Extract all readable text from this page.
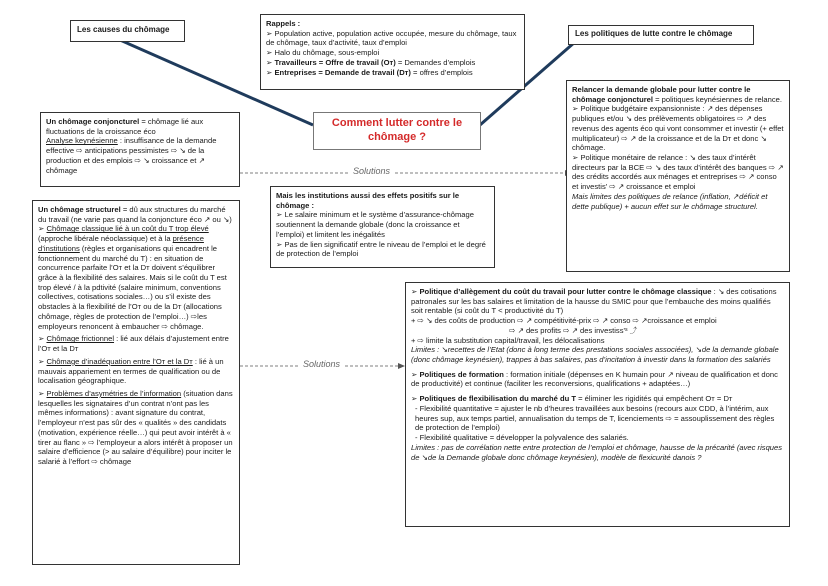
Solutions
Solutions
Les causes du chômage	Les politiques de lutte contre le chômage

Rappels :

➢ Population active, population active occupée, mesure du chômage, taux de chômage, taux d’activité, taux d’emploi

➢ Halo du chômage, sous-emploi

➢ Travailleurs = Offre de travail (Oт) = Demandes d’emplois

➢ Entreprises = Demande de travail (Dт) = offres d’emplois

Comment lutter contre le chômage ?

Un chômage conjoncturel = chômage lié aux fluctuations de la croissance éco

Analyse keynésienne : insuffisance de la demande effective ⇨ anticipations pessimistes ⇨ ↘ de la production et des emplois ⇨ ↘ croissance et ↗ chômage

Mais les institutions aussi des effets positifs sur le chômage :

➢ Le salaire minimum et le système d’assurance-chômage soutiennent la demande globale (donc la croissance et l’emploi) et limitent les inégalités

➢ Pas de lien significatif entre le niveau de l’emploi et le degré de protection de l’emploi

Un chômage structurel = dû aux structures du marché du travail (ne varie pas quand la conjoncture éco ↗ ou ↘)

➢ Chômage classique lié à un coût du T trop élevé (approche libérale néoclassique) et à la présence d’institutions (règles et organisations qui encadrent le fonctionnement du marché du T) : en situation de concurrence parfaite l’Oт et la Dт doivent s’équilibrer grâce à la flexibilité des salaires. Mais si le coût du T est trop élevé / à la pdtivité (salaire minimum, conventions collectives, cotisations sociales…) ou s’il existe des obstacles à la flexibilité de l’Oт ou de la Dт (allocations chômage, règles de protection de l’emploi…) ⇨les employeurs renoncent à embaucher ⇨ chômage.

➢ Chômage frictionnel : lié aux délais d’ajustement entre l’Oт et la Dт

➢ Chômage d’inadéquation entre l’Oт et la Dт : lié à un mauvais appariement en termes de qualification ou de localisation géographique.

➢ Problèmes d’asymétries de l’information (situation dans lesquelles les signataires d’un contrat n’ont pas les mêmes informations) : avant signature du contrat, l’employeur n’est pas sûr des « qualités » des candidats (motivation, expérience réelle…) qui peut avoir intérêt à « tirer au flanc » ⇨ l’employeur a alors intérêt à proposer un salaire d’efficience (> au salaire d’équilibre) pour inciter le salarié à l’effort ⇨ chômage

Relancer la demande globale pour lutter contre le chômage conjoncturel = politiques keynésiennes de relance.

➢ Politique budgétaire expansionniste : ↗ des dépenses publiques et/ou ↘ des prélèvements obligatoires ⇨ ↗ des revenus des agents éco qui vont consommer et investir (+ effet multiplicateur) ⇨ ↗ de la croissance et de la Dт et donc ↘ chômage.

➢ Politique monétaire de relance : ↘ des taux d’intérêt directeurs par la BCE ⇨ ↘ des taux d’intérêt des banques ⇨ ↗ des crédits accordés aux ménages et entreprises ⇨ ↗ conso et investis' ⇨ ↗ croissance et emploi

Mais limites des politiques de relance (inflation, ↗déficit et dette publique) + aucun effet sur le chômage structurel.

➢ Politique d’allègement du coût du travail pour lutter contre le chômage classique : ↘ des cotisations patronales sur les bas salaires et limitation de la hausse du SMIC pour que l’embauche des moins qualifiés soit rentable (si coût du T < productivité du T)

+ ⇨ ↘ des coûts de production ⇨ ↗ compétitivité-prix ⇨ ↗ conso ⇨ ↗croissance et emploi

⇨ ↗ des profits ⇨ ↗ des investiss'ˢ ⤴

+ ⇨ limite la substitution capital/travail, les délocalisations

Limites : ↘recettes de l’Etat (donc à long terme des prestations sociales associées), ↘de la demande globale (donc chômage keynésien), trappes à bas salaires, pas d’incitation à investir dans la formation des salariés

➢ Politiques de formation : formation initiale (dépenses en K humain pour ↗ niveau de qualification et donc de productivité) et continue (faciliter les reconversions, qualifications + adaptées…)

➢ Politiques de flexibilisation du marché du T = éliminer les rigidités qui empêchent Oт = Dт

- Flexibilité quantitative = ajuster le nb d’heures travaillées aux besoins (recours aux CDD, à l’intérim, aux heures sup, aux temps partiel, annualisation du temps de T, licenciements ⇨ = assouplissement des règles de protection de l’emploi)

- Flexibilité qualitative = développer la polyvalence des salariés.

Limites : pas de corrélation nette entre protection de l’emploi et chômage, hausse de la précarité (avec risques de ↘de la Demande globale donc chômage keynésien), modèle de flexicurité danois ?
